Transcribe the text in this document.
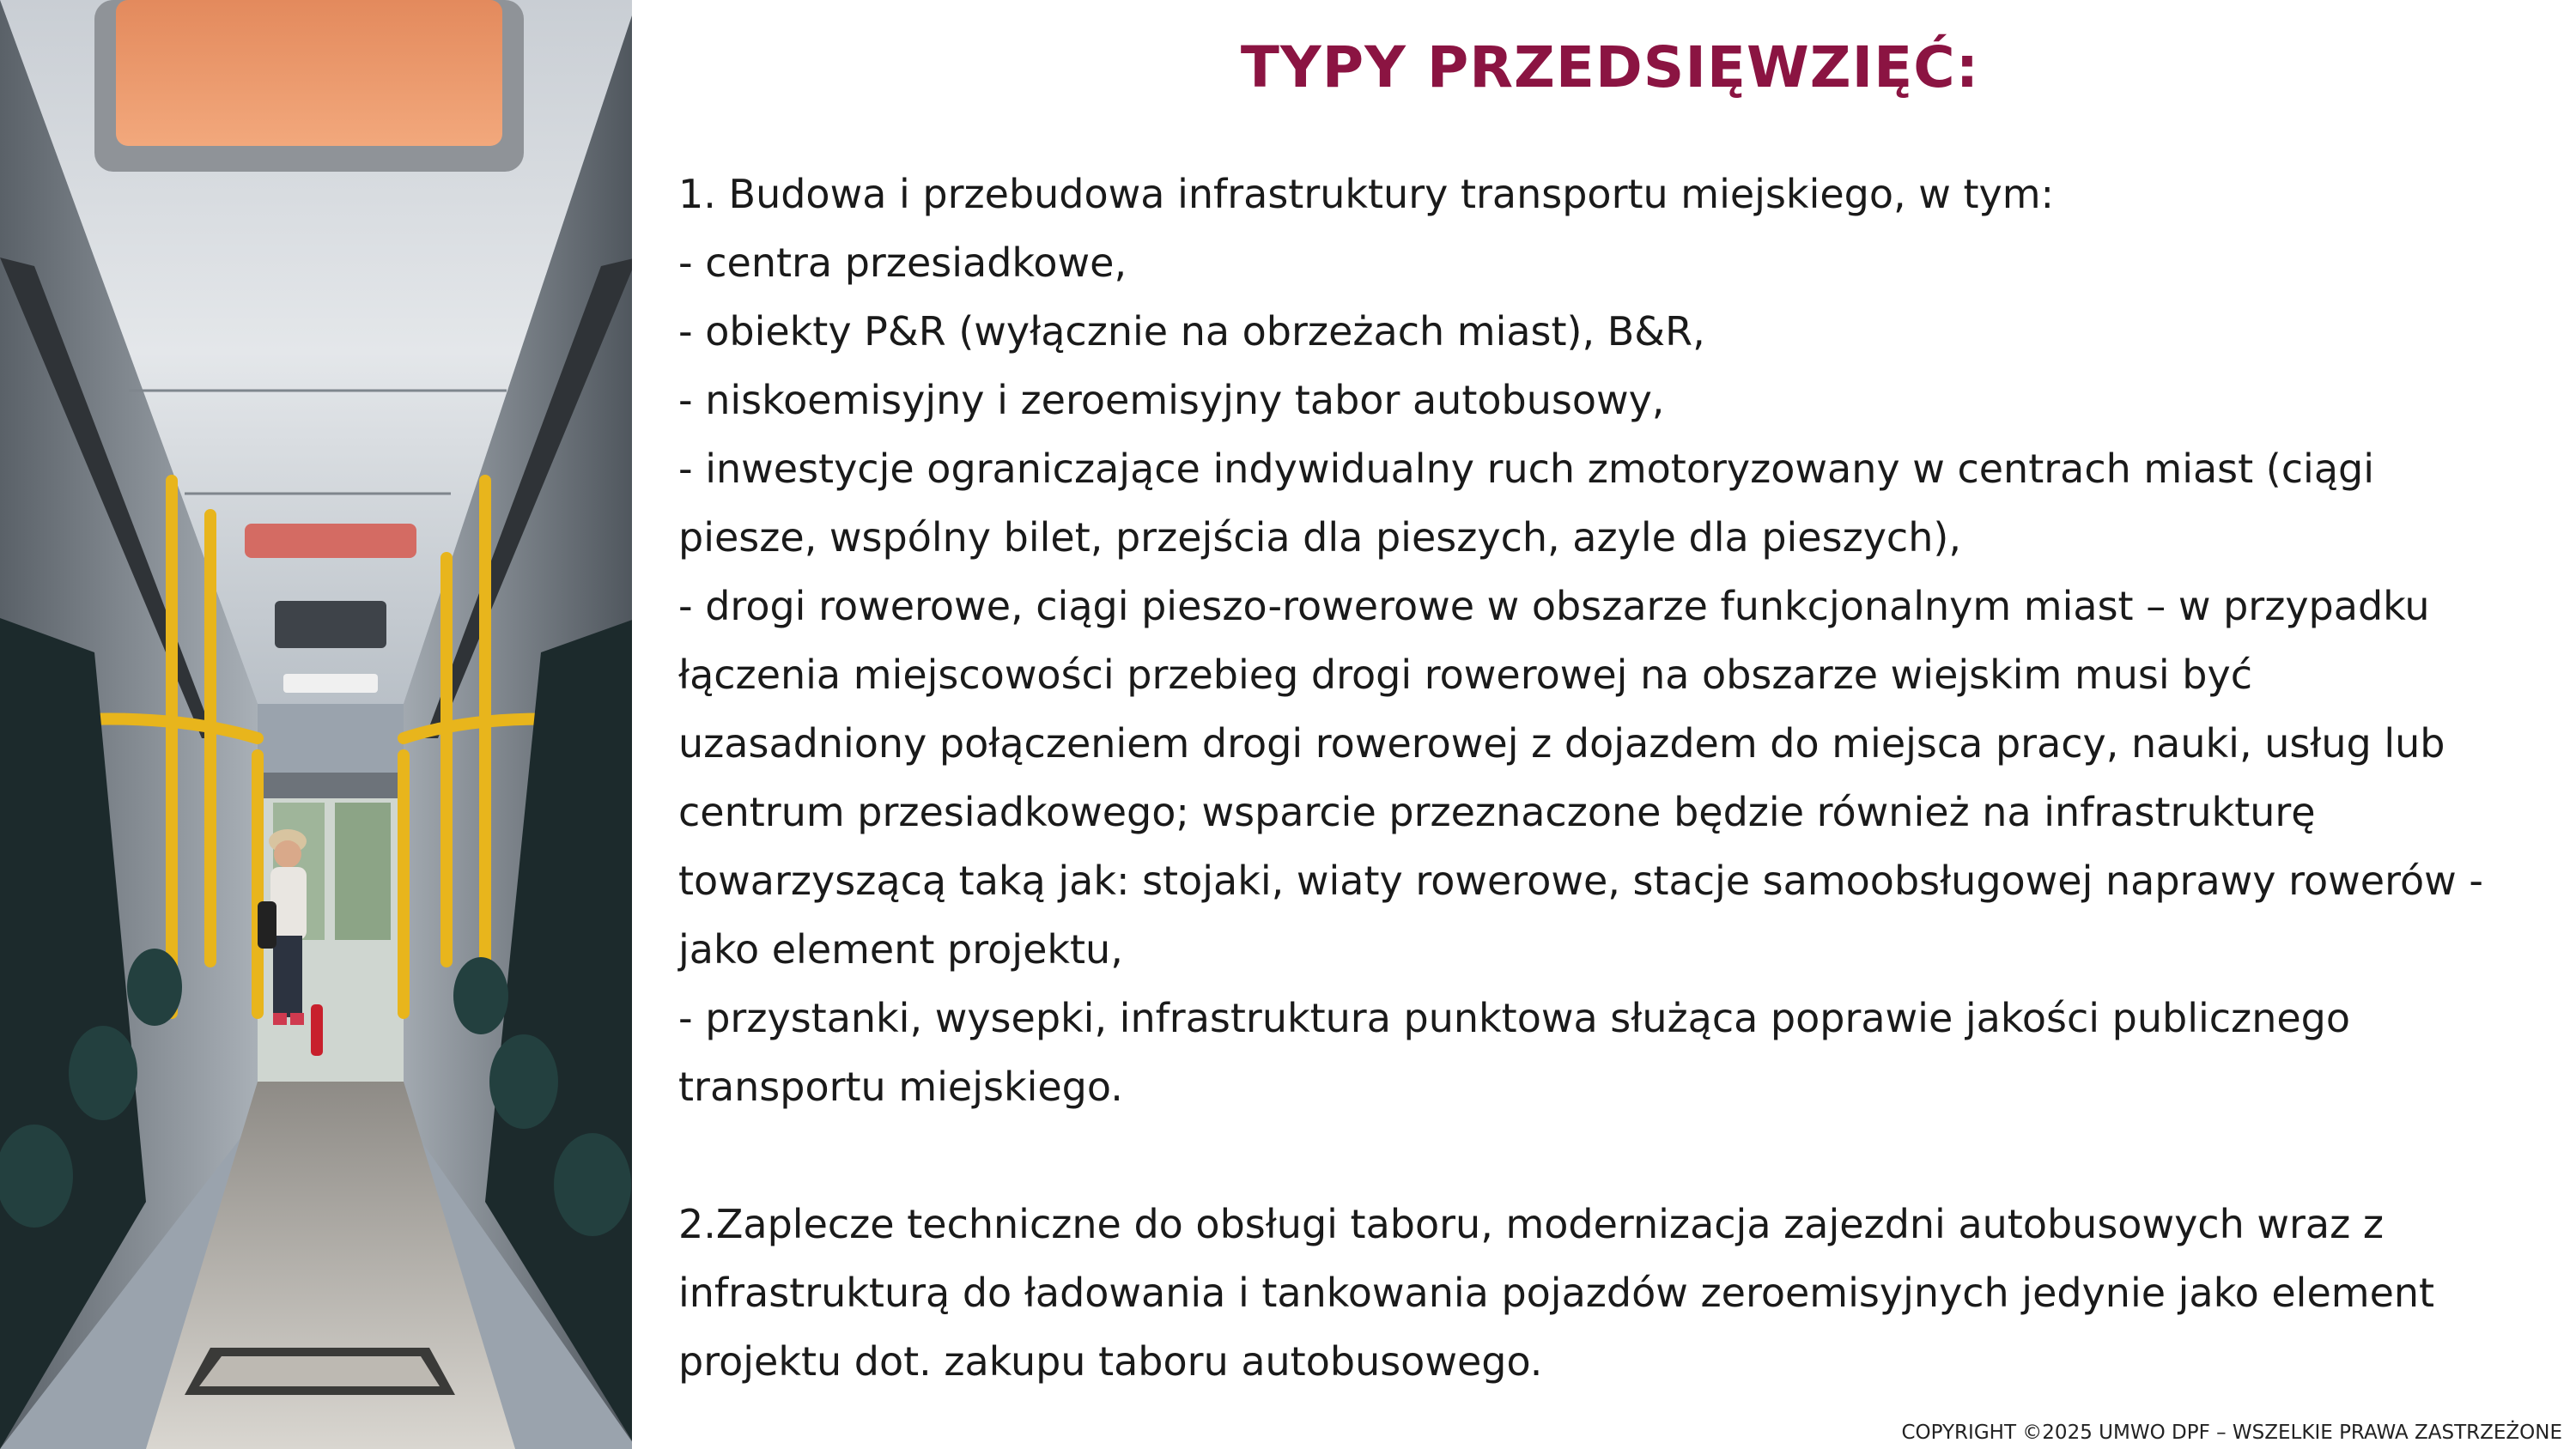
TYPY PRZEDSIĘWZIĘĆ:
1. Budowa i przebudowa infrastruktury transportu miejskiego, w tym:
- centra przesiadkowe,
- obiekty P&R (wyłącznie na obrzeżach miast), B&R,
- niskoemisyjny i zeroemisyjny tabor autobusowy,
- inwestycje ograniczające indywidualny ruch zmotoryzowany w centrach miast (ciągi
piesze, wspólny bilet, przejścia dla pieszych, azyle dla pieszych),
- drogi rowerowe, ciągi pieszo-rowerowe w obszarze funkcjonalnym miast – w przypadku
łączenia miejscowości przebieg drogi rowerowej na obszarze wiejskim musi być
uzasadniony połączeniem drogi rowerowej z dojazdem do miejsca pracy, nauki, usług lub
centrum przesiadkowego; wsparcie przeznaczone będzie również na infrastrukturę
towarzyszącą taką jak: stojaki, wiaty rowerowe, stacje samoobsługowej naprawy rowerów -
jako element projektu,
- przystanki, wysepki, infrastruktura punktowa służąca poprawie jakości publicznego
transportu miejskiego.
2.Zaplecze techniczne do obsługi taboru, modernizacja zajezdni autobusowych wraz z
infrastrukturą do ładowania i tankowania pojazdów zeroemisyjnych jedynie jako element
projektu dot. zakupu taboru autobusowego.
COPYRIGHT ©2025 UMWO DPF – WSZELKIE PRAWA ZASTRZEŻONE
